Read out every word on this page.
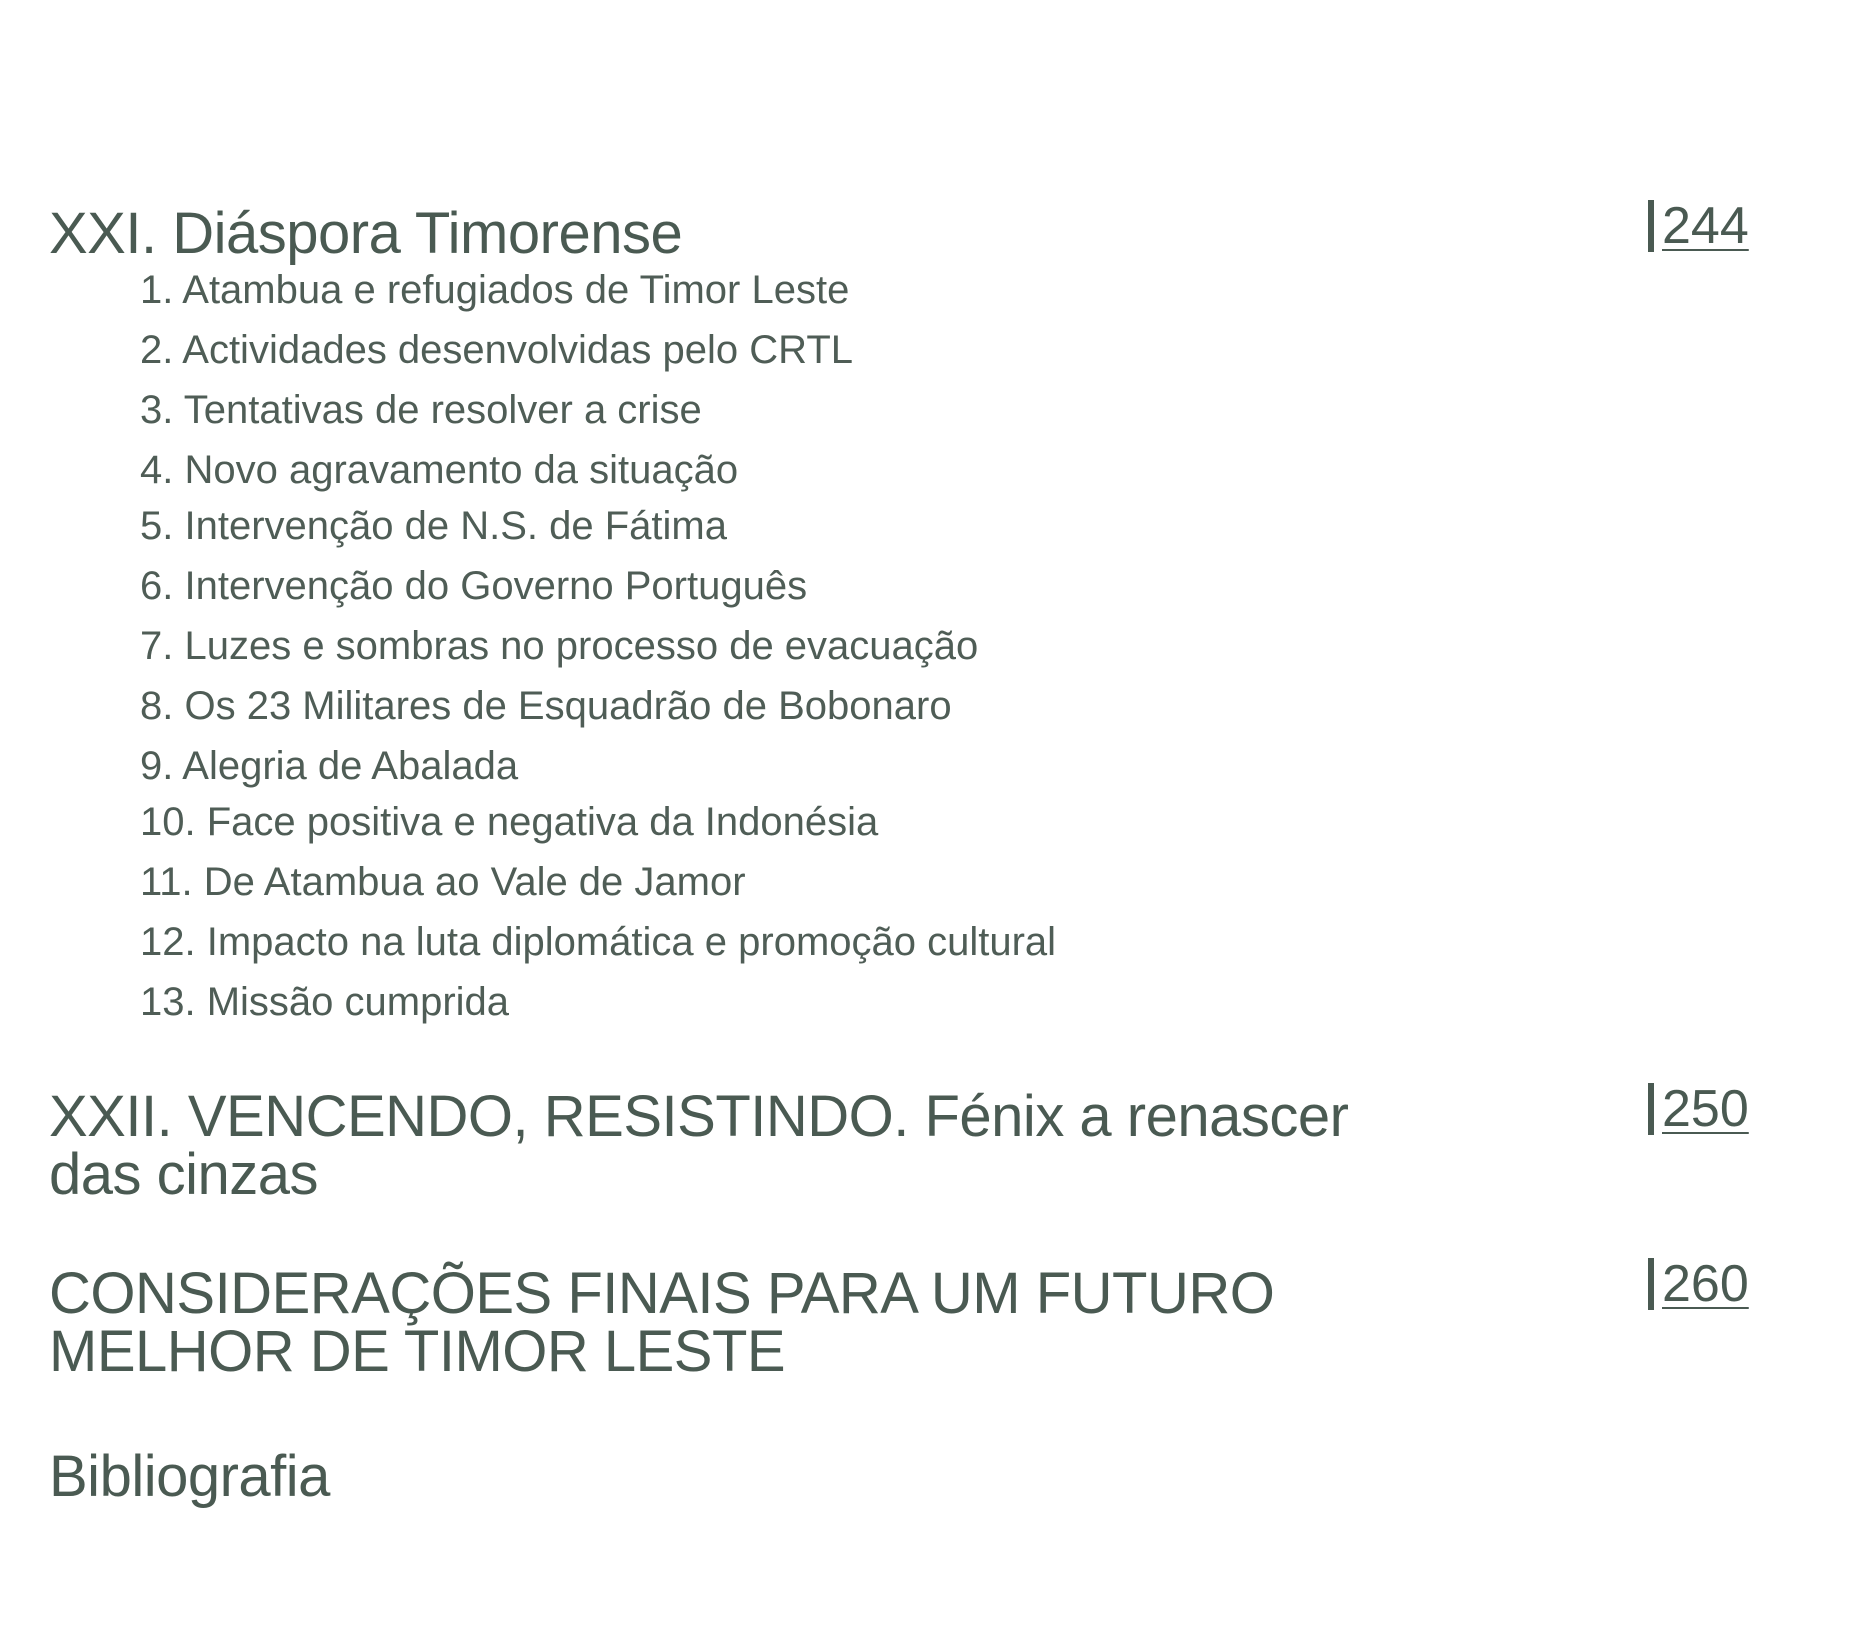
XXI. Diáspora Timorense	244
1. Atambua e refugiados de Timor Leste
2. Actividades desenvolvidas pelo CRTL
3. Tentativas de resolver a crise
4. Novo agravamento da situação
5. Intervenção de N.S. de Fátima
6. Intervenção do Governo Português
7. Luzes e sombras no processo de evacuação
8. Os 23 Militares de Esquadrão de Bobonaro
9. Alegria de Abalada
10. Face positiva e negativa da Indonésia
11. De Atambua ao Vale de Jamor
12. Impacto na luta diplomática e promoção cultural
13. Missão cumprida
XXII. VENCENDO, RESISTINDO. Fénix a renascer
das cinzas
250
CONSIDERAÇÕES FINAIS PARA UM FUTURO
MELHOR DE TIMOR LESTE
260
Bibliografia
